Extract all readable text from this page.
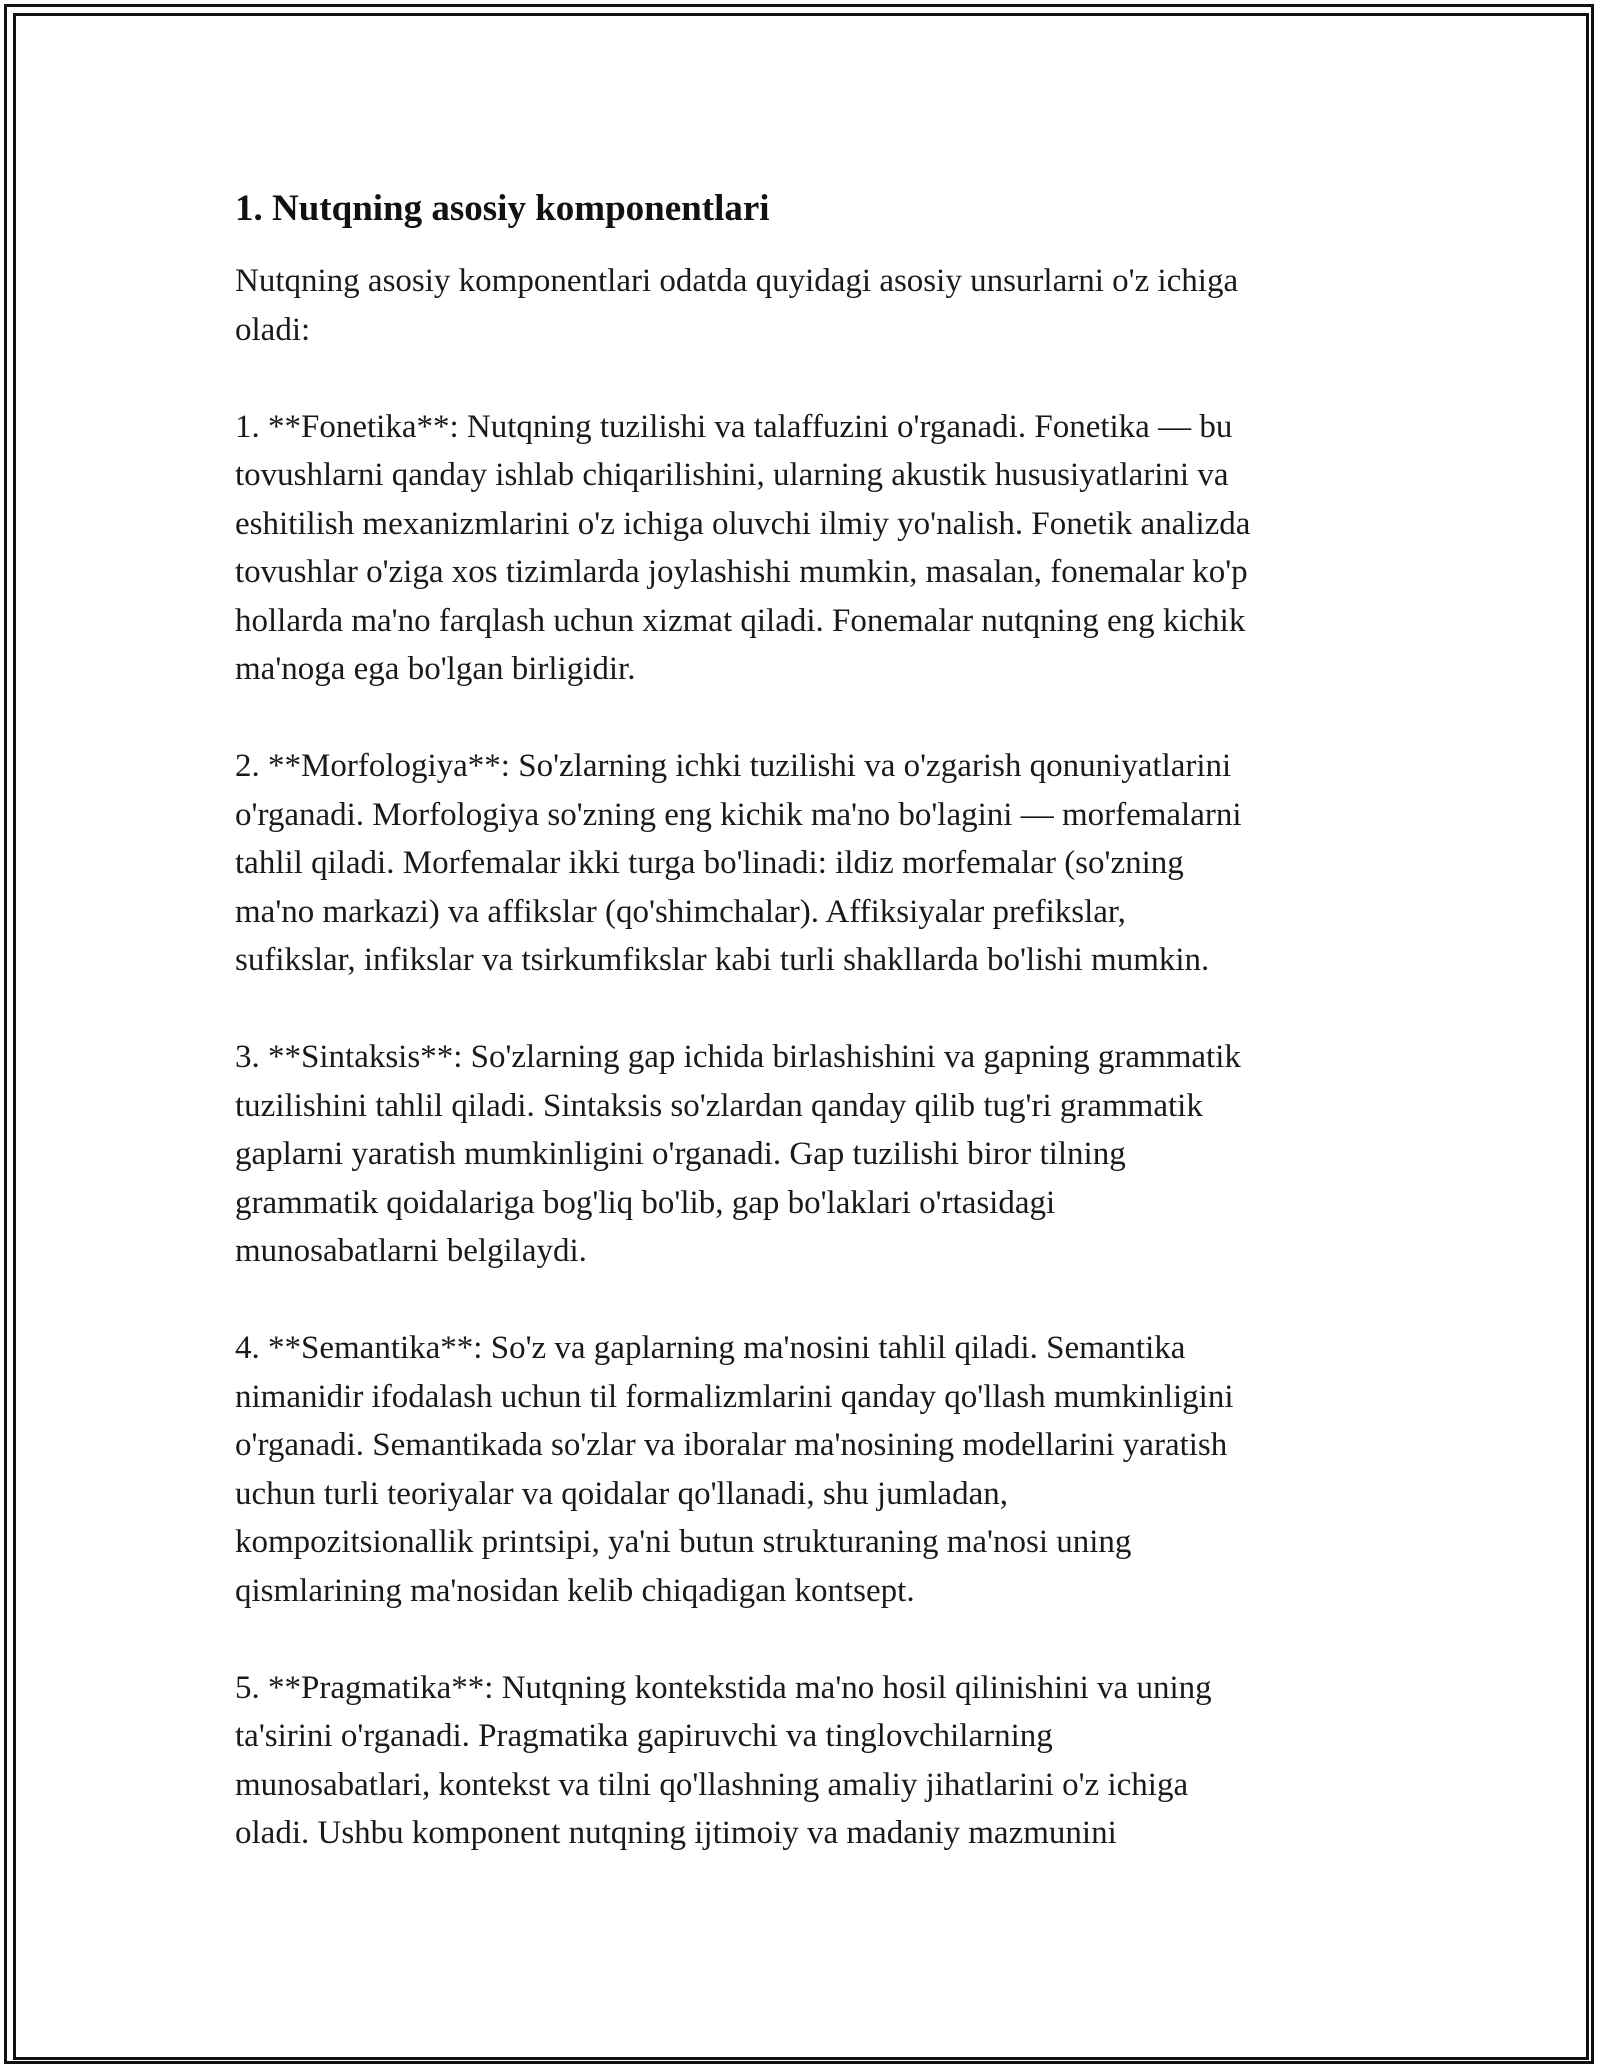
1. Nutqning asosiy komponentlari

Nutqning asosiy komponentlari odatda quyidagi asosiy unsurlarni o'z ichiga
oladi:

1. **Fonetika**: Nutqning tuzilishi va talaffuzini o'rganadi. Fonetika — bu
tovushlarni qanday ishlab chiqarilishini, ularning akustik hususiyatlarini va
eshitilish mexanizmlarini o'z ichiga oluvchi ilmiy yo'nalish. Fonetik analizda
tovushlar o'ziga xos tizimlarda joylashishi mumkin, masalan, fonemalar ko'p
hollarda ma'no farqlash uchun xizmat qiladi. Fonemalar nutqning eng kichik
ma'noga ega bo'lgan birligidir.

2. **Morfologiya**: So'zlarning ichki tuzilishi va o'zgarish qonuniyatlarini
o'rganadi. Morfologiya so'zning eng kichik ma'no bo'lagini — morfemalarni
tahlil qiladi. Morfemalar ikki turga bo'linadi: ildiz morfemalar (so'zning
ma'no markazi) va affikslar (qo'shimchalar). Affiksiyalar prefikslar,
sufikslar, infikslar va tsirkumfikslar kabi turli shakllarda bo'lishi mumkin.

3. **Sintaksis**: So'zlarning gap ichida birlashishini va gapning grammatik
tuzilishini tahlil qiladi. Sintaksis so'zlardan qanday qilib tug'ri grammatik
gaplarni yaratish mumkinligini o'rganadi. Gap tuzilishi biror tilning
grammatik qoidalariga bog'liq bo'lib, gap bo'laklari o'rtasidagi
munosabatlarni belgilaydi.

4. **Semantika**: So'z va gaplarning ma'nosini tahlil qiladi. Semantika
nimanidir ifodalash uchun til formalizmlarini qanday qo'llash mumkinligini
o'rganadi. Semantikada so'zlar va iboralar ma'nosining modellarini yaratish
uchun turli teoriyalar va qoidalar qo'llanadi, shu jumladan,
kompozitsionallik printsipi, ya'ni butun strukturaning ma'nosi uning
qismlarining ma'nosidan kelib chiqadigan kontsept.

5. **Pragmatika**: Nutqning kontekstida ma'no hosil qilinishini va uning
ta'sirini o'rganadi. Pragmatika gapiruvchi va tinglovchilarning
munosabatlari, kontekst va tilni qo'llashning amaliy jihatlarini o'z ichiga
oladi. Ushbu komponent nutqning ijtimoiy va madaniy mazmunini
